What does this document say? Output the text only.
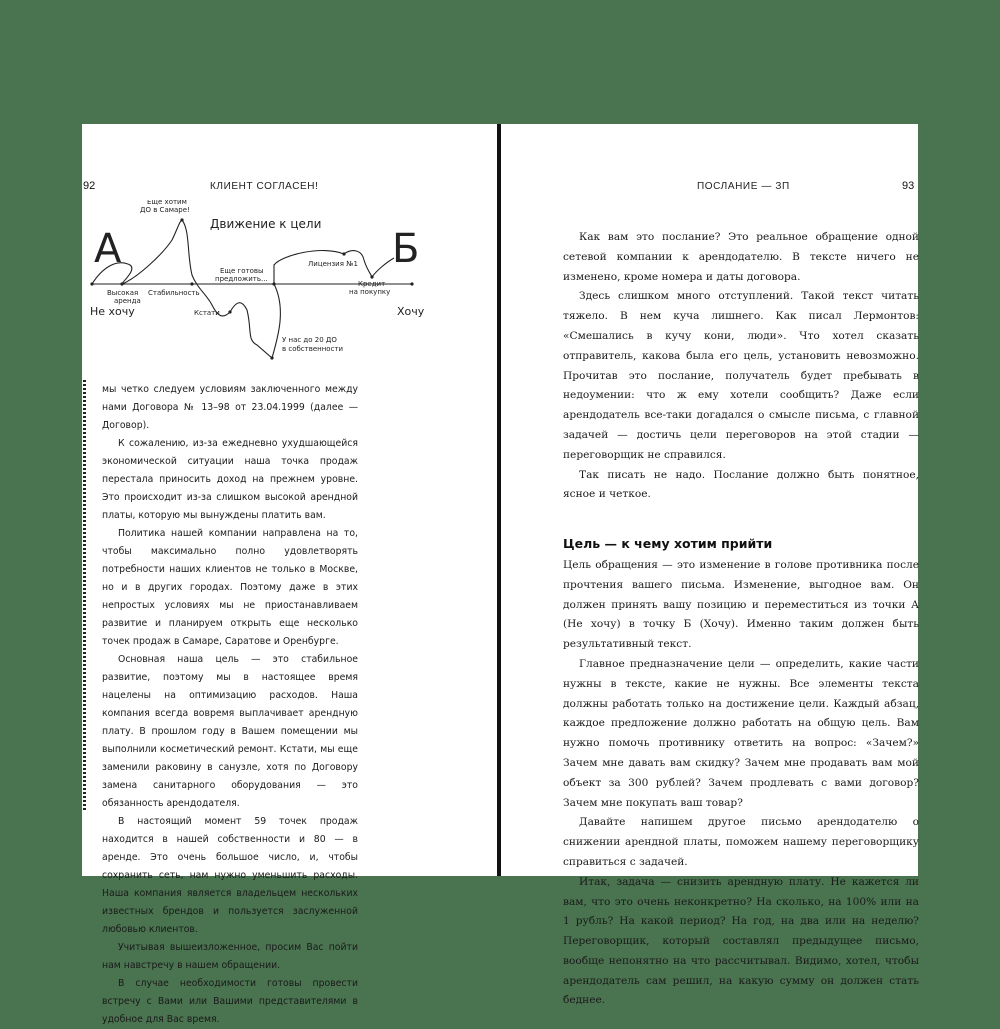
92	КЛИЕНТ СОГЛАСЕН!	ПОСЛАНИЕ — ЗП	93
Движение к цели
А	Б
Не хочу	Хочу
Еще хотим
ДО в Самаре!
Высокая
аренда
Стабильность
Кстати
Еще готовы
предложить...
У нас до 20 ДО
в собственности
Лицензия №1
Кредит
на покупку

мы четко следуем условиям заключенного между нами Договора № 13–98 от 23.04.1999 (далее — Договор).

К сожалению, из-за ежедневно ухудшающейся экономической ситуации наша точка продаж перестала приносить доход на прежнем уровне. Это происходит из-за слишком высокой арендной платы, которую мы вынуждены платить вам.

Политика нашей компании направлена на то, чтобы максимально полно удовлетворять потребности наших клиентов не только в Москве, но и в других городах. Поэтому даже в этих непростых условиях мы не приостанавливаем развитие и планируем открыть еще несколько точек продаж в Самаре, Саратове и Оренбурге.

Основная наша цель — это стабильное развитие, поэтому мы в настоящее время нацелены на оптимизацию расходов. Наша компания всегда вовремя выплачивает арендную плату. В прошлом году в Вашем помещении мы выполнили косметический ремонт. Кстати, мы еще заменили раковину в санузле, хотя по Договору замена санитарного оборудования — это обязанность арендодателя.

В настоящий момент 59 точек продаж находится в нашей собственности и 80 — в аренде. Это очень большое число, и, чтобы сохранить сеть, нам нужно уменьшить расходы. Наша компания является владельцем нескольких известных брендов и пользуется заслуженной любовью клиентов.

Учитывая вышеизложенное, просим Вас пойти нам навстречу в нашем обращении.

В случае необходимости готовы провести встречу с Вами или Вашими представителями в удобное для Вас время.

Как вам это послание? Это реальное обращение одной сетевой компании к арендодателю. В тексте ничего не изменено, кроме номера и даты договора.

Здесь слишком много отступлений. Такой текст читать тяжело. В нем куча лишнего. Как писал Лермонтов: «Смешались в кучу кони, люди». Что хотел сказать отправитель, какова была его цель, установить невозможно. Прочитав это послание, получатель будет пребывать в недоумении: что ж ему хотели сообщить? Даже если арендодатель все-таки догадался о смысле письма, с главной задачей — достичь цели переговоров на этой стадии — переговорщик не справился.

Так писать не надо. Послание должно быть понятное, ясное и четкое.

Цель — к чему хотим прийти

Цель обращения — это изменение в голове противника после прочтения вашего письма. Изменение, выгодное вам. Он должен принять вашу позицию и переместиться из точки А (Не хочу) в точку Б (Хочу). Именно таким должен быть результативный текст.

Главное предназначение цели — определить, какие части нужны в тексте, какие не нужны. Все элементы текста должны работать только на достижение цели. Каждый абзац, каждое предложение должно работать на общую цель. Вам нужно помочь противнику ответить на вопрос: «Зачем?» Зачем мне давать вам скидку? Зачем мне продавать вам мой объект за 300 рублей? Зачем продлевать с вами договор? Зачем мне покупать ваш товар?

Давайте напишем другое письмо арендодателю о снижении арендной платы, поможем нашему переговорщику справиться с задачей.

Итак, задача — снизить арендную плату. Не кажется ли вам, что это очень неконкретно? На сколько, на 100% или на 1 рубль? На какой период? На год, на два или на неделю? Переговорщик, который составлял предыдущее письмо, вообще непонятно на что рассчитывал. Видимо, хотел, чтобы арендодатель сам решил, на какую сумму он должен стать беднее.
